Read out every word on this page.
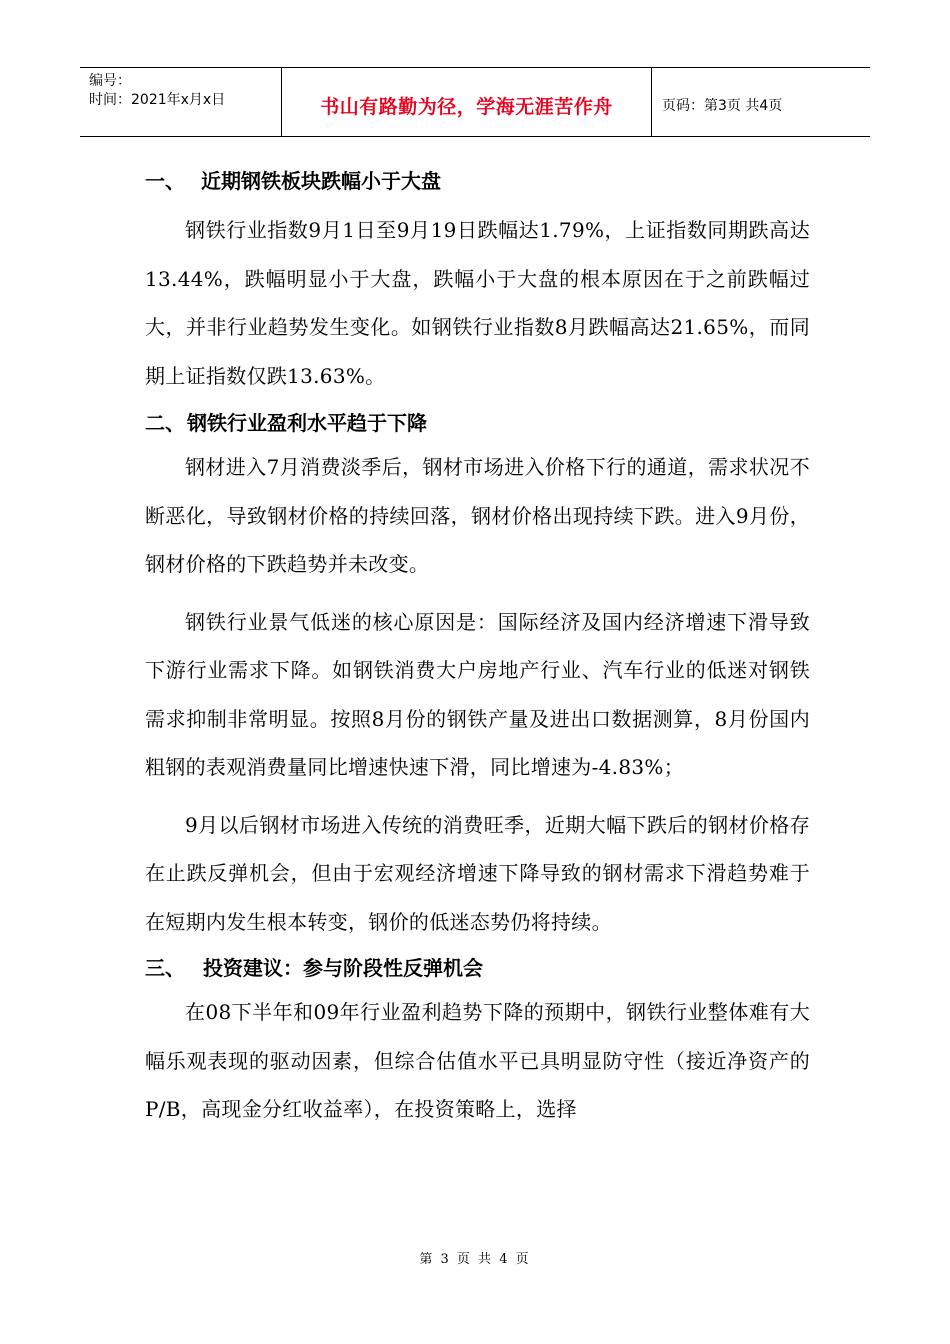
编号：
时间：2021年x月x日	书山有路勤为径，学海无涯苦作舟	页码：第3页 共4页
一、 近期钢铁板块跌幅小于大盘

钢铁行业指数9月1日至9月19日跌幅达1.79%，上证指数同期跌高达13.44%，跌幅明显小于大盘，跌幅小于大盘的根本原因在于之前跌幅过大，并非行业趋势发生变化。如钢铁行业指数8月跌幅高达21.65%，而同期上证指数仅跌13.63%。

二、 钢铁行业盈利水平趋于下降

钢材进入7月消费淡季后，钢材市场进入价格下行的通道，需求状况不断恶化，导致钢材价格的持续回落，钢材价格出现持续下跌。进入9月份，钢材价格的下跌趋势并未改变。

钢铁行业景气低迷的核心原因是：国际经济及国内经济增速下滑导致下游行业需求下降。如钢铁消费大户房地产行业、汽车行业的低迷对钢铁需求抑制非常明显。按照8月份的钢铁产量及进出口数据测算，8月份国内粗钢的表观消费量同比增速快速下滑，同比增速为-4.83%；

9月以后钢材市场进入传统的消费旺季，近期大幅下跌后的钢材价格存在止跌反弹机会，但由于宏观经济增速下降导致的钢材需求下滑趋势难于在短期内发生根本转变，钢价的低迷态势仍将持续。

三、 投资建议：参与阶段性反弹机会

在08下半年和09年行业盈利趋势下降的预期中，钢铁行业整体难有大幅乐观表现的驱动因素，但综合估值水平已具明显防守性（接近净资产的P/B，高现金分红收益率），在投资策略上，选择

第 3 页 共 4 页
